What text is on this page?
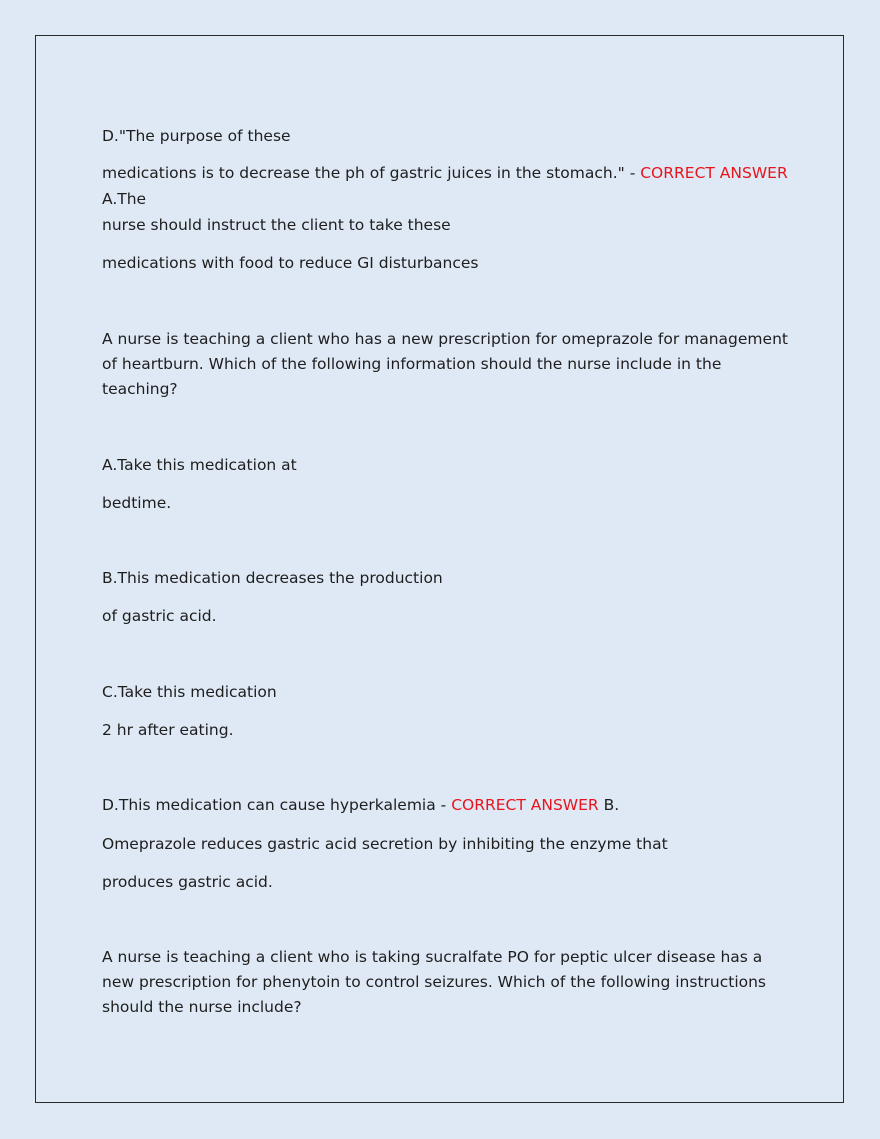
D."The purpose of these
medications is to decrease the ph of gastric juices in the stomach." - CORRECT ANSWER
A.The
nurse should instruct the client to take these
medications with food to reduce GI disturbances
A nurse is teaching a client who has a new prescription for omeprazole for management of heartburn. Which of the following information should the nurse include in the teaching?
A.Take this medication at
bedtime.
B.This medication decreases the production
of gastric acid.
C.Take this medication
2 hr after eating.
D.This medication can cause hyperkalemia - CORRECT ANSWER B.
Omeprazole reduces gastric acid secretion by inhibiting the enzyme that
produces gastric acid.
A nurse is teaching a client who is taking sucralfate PO for peptic ulcer disease has a new prescription for phenytoin to control seizures. Which of the following instructions should the nurse include?
